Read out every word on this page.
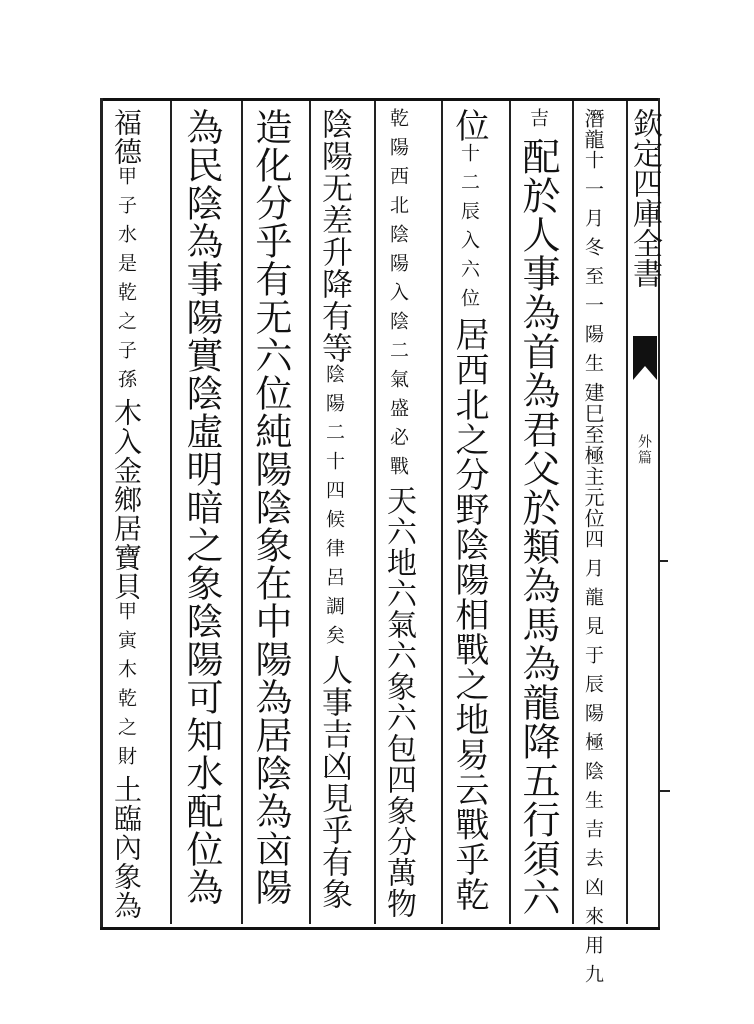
欽定四庫全書
外篇
潛龍十一月冬至一陽生建巳至極主元位四月龍見于辰陽極陰生吉去凶來用九
吉配於人事為首為君父於類為馬為龍降五行須六
位十二辰入六位居西北之分野陰陽相戰之地易云戰乎乾
乾陽西北陰陽入陰二氣盛必戰天六地六氣六象六包四象分萬物
陰陽无差升降有等陰陽二十四候律呂調矣人事吉凶見乎有象
造化分乎有无六位純陽陰象在中陽為居陰為㐫陽
為民陰為事陽實陰虛明暗之象陰陽可知水配位為
福德甲子水是乾之子孫木入金鄉居寶貝甲寅木乾之財土臨內象為
